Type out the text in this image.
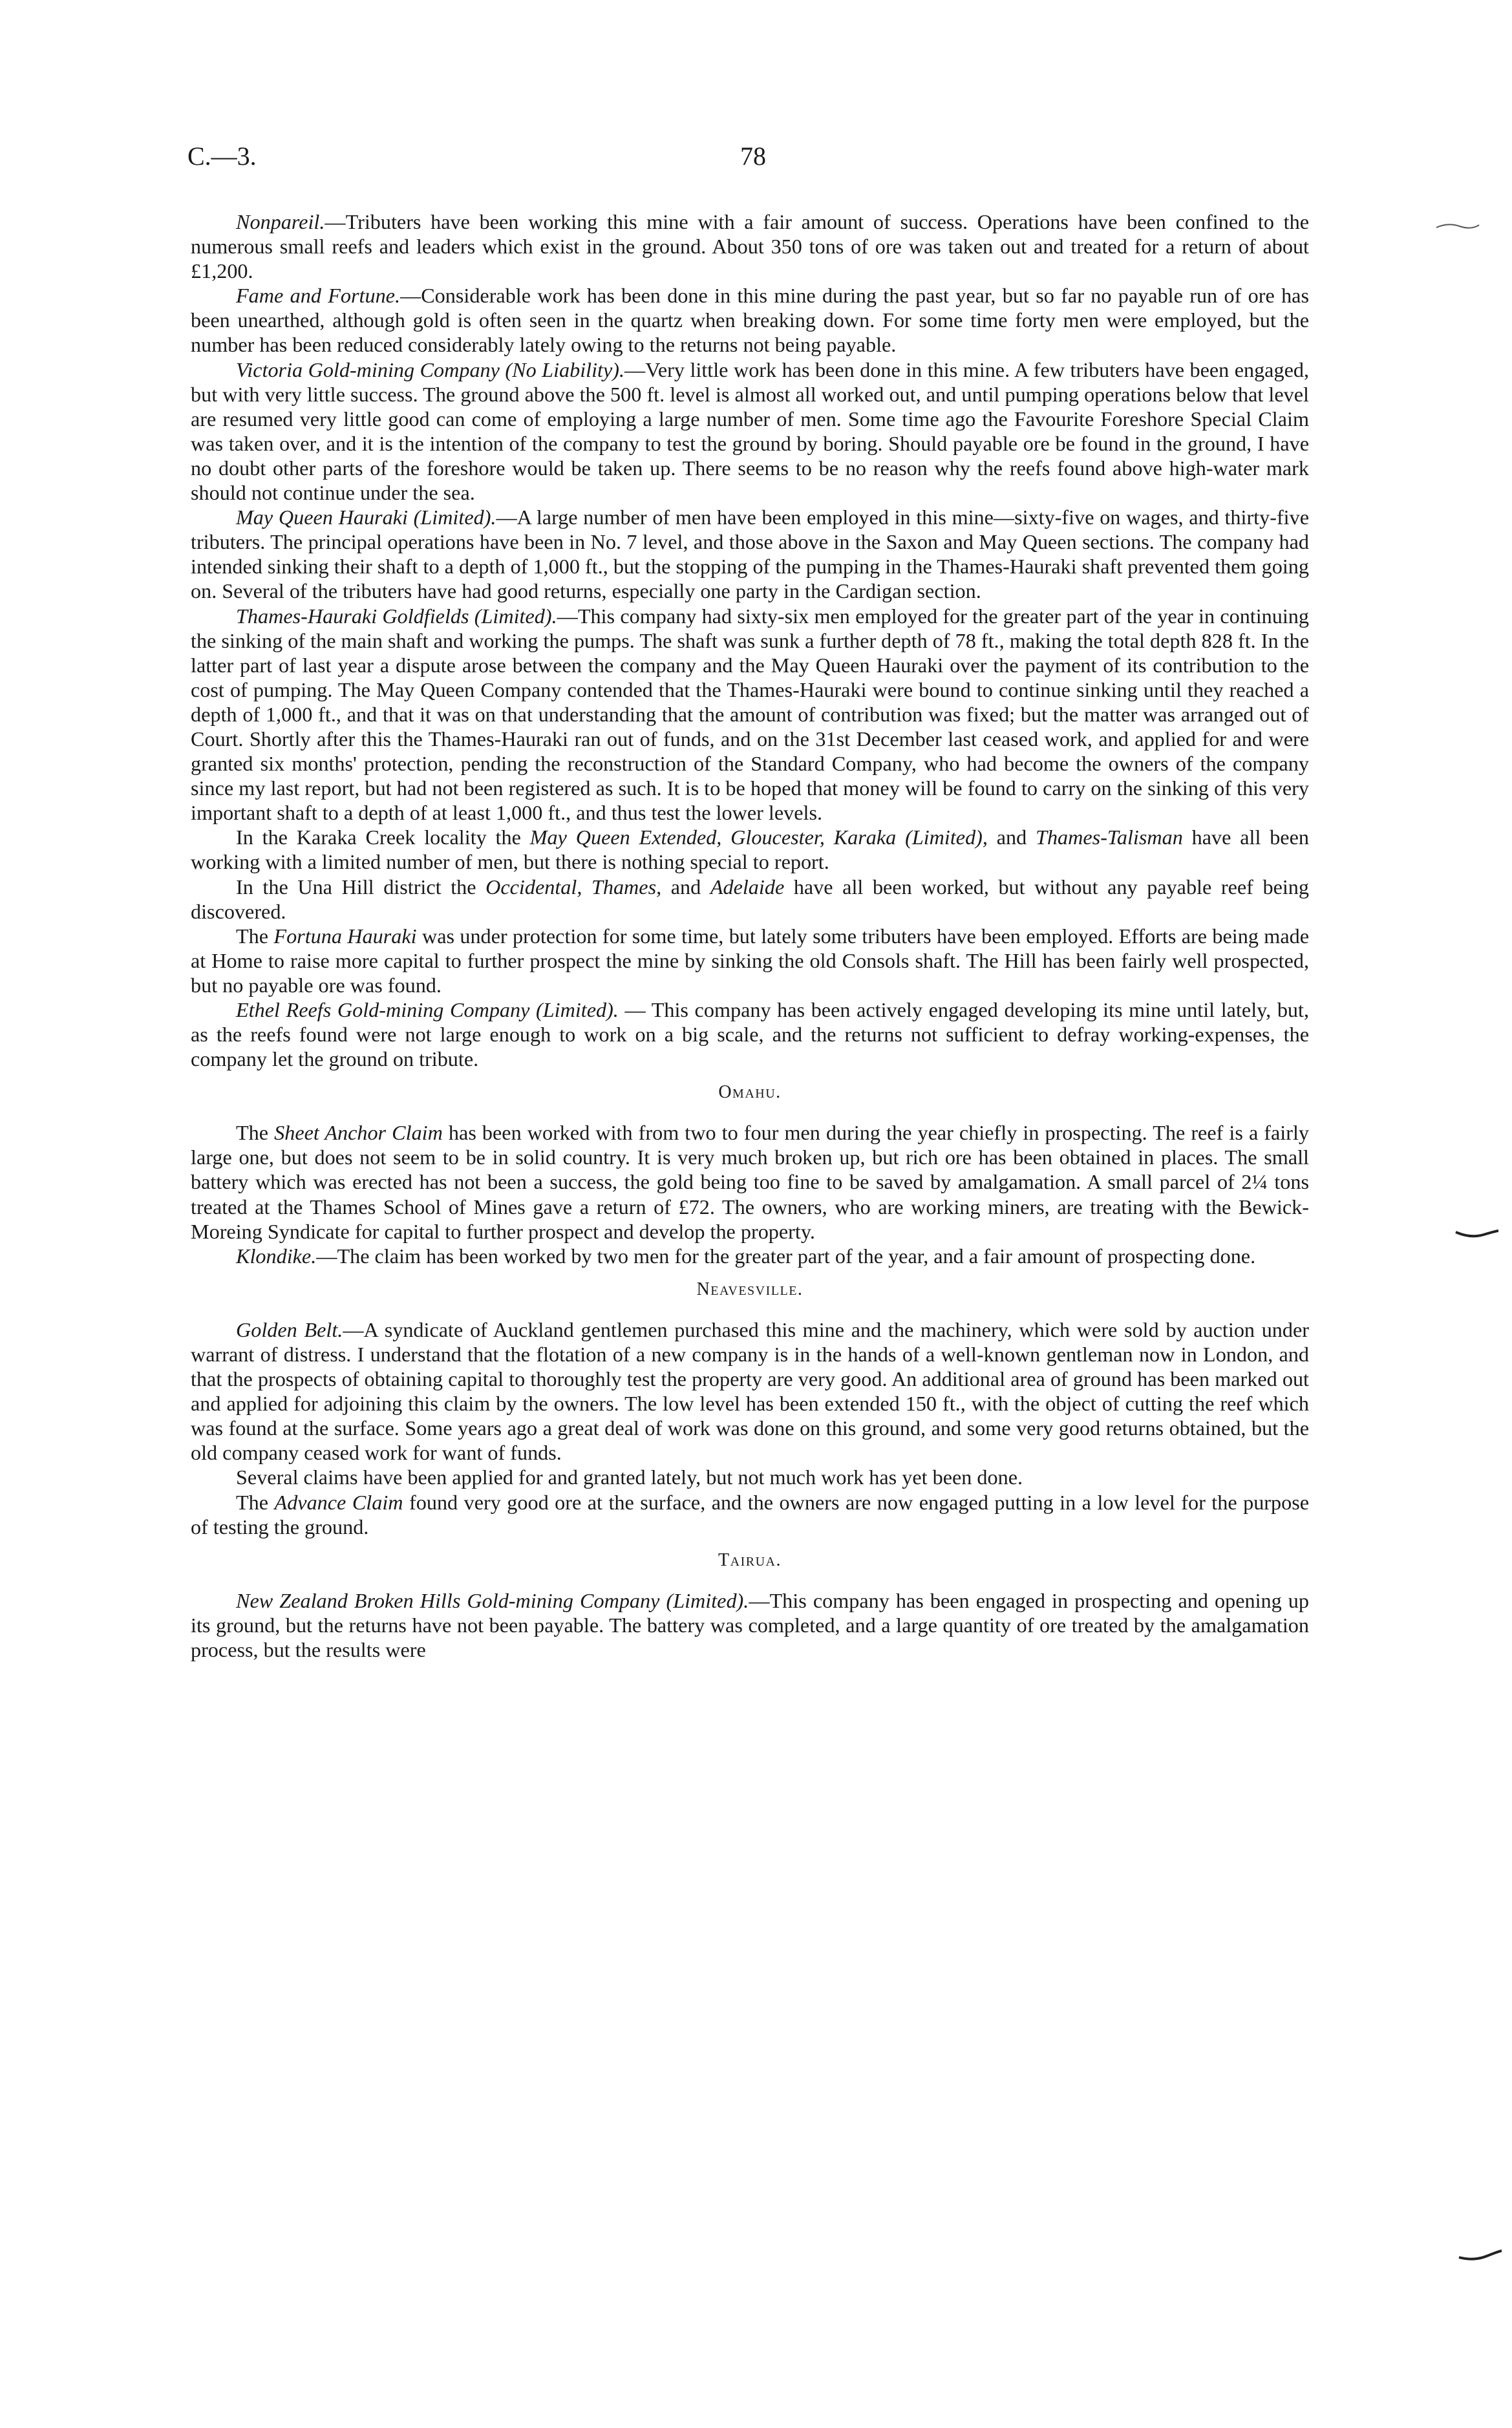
C.—3.	78

Nonpareil.—Tributers have been working this mine with a fair amount of success. Operations have been confined to the numerous small reefs and leaders which exist in the ground. About 350 tons of ore was taken out and treated for a return of about £1,200.

Fame and Fortune.—Considerable work has been done in this mine during the past year, but so far no payable run of ore has been unearthed, although gold is often seen in the quartz when breaking down. For some time forty men were employed, but the number has been reduced considerably lately owing to the returns not being payable.

Victoria Gold-mining Company (No Liability).—Very little work has been done in this mine. A few tributers have been engaged, but with very little success. The ground above the 500 ft. level is almost all worked out, and until pumping operations below that level are resumed very little good can come of employing a large number of men. Some time ago the Favourite Foreshore Special Claim was taken over, and it is the intention of the company to test the ground by boring. Should payable ore be found in the ground, I have no doubt other parts of the foreshore would be taken up. There seems to be no reason why the reefs found above high-water mark should not continue under the sea.

May Queen Hauraki (Limited).—A large number of men have been employed in this mine—sixty-five on wages, and thirty-five tributers. The principal operations have been in No. 7 level, and those above in the Saxon and May Queen sections. The company had intended sinking their shaft to a depth of 1,000 ft., but the stopping of the pumping in the Thames-Hauraki shaft prevented them going on. Several of the tributers have had good returns, especially one party in the Cardigan section.

Thames-Hauraki Goldfields (Limited).—This company had sixty-six men employed for the greater part of the year in continuing the sinking of the main shaft and working the pumps. The shaft was sunk a further depth of 78 ft., making the total depth 828 ft. In the latter part of last year a dispute arose between the company and the May Queen Hauraki over the payment of its contribution to the cost of pumping. The May Queen Company contended that the Thames-Hauraki were bound to continue sinking until they reached a depth of 1,000 ft., and that it was on that understanding that the amount of contribution was fixed; but the matter was arranged out of Court. Shortly after this the Thames-Hauraki ran out of funds, and on the 31st December last ceased work, and applied for and were granted six months' protection, pending the reconstruction of the Standard Company, who had become the owners of the company since my last report, but had not been registered as such. It is to be hoped that money will be found to carry on the sinking of this very important shaft to a depth of at least 1,000 ft., and thus test the lower levels.

In the Karaka Creek locality the May Queen Extended, Gloucester, Karaka (Limited), and Thames-Talisman have all been working with a limited number of men, but there is nothing special to report.

In the Una Hill district the Occidental, Thames, and Adelaide have all been worked, but without any payable reef being discovered.

The Fortuna Hauraki was under protection for some time, but lately some tributers have been employed. Efforts are being made at Home to raise more capital to further prospect the mine by sinking the old Consols shaft. The Hill has been fairly well prospected, but no payable ore was found.

Ethel Reefs Gold-mining Company (Limited). — This company has been actively engaged developing its mine until lately, but, as the reefs found were not large enough to work on a big scale, and the returns not sufficient to defray working-expenses, the company let the ground on tribute.

Omahu.

The Sheet Anchor Claim has been worked with from two to four men during the year chiefly in prospecting. The reef is a fairly large one, but does not seem to be in solid country. It is very much broken up, but rich ore has been obtained in places. The small battery which was erected has not been a success, the gold being too fine to be saved by amalgamation. A small parcel of 2¼ tons treated at the Thames School of Mines gave a return of £72. The owners, who are working miners, are treating with the Bewick-Moreing Syndicate for capital to further prospect and develop the property.

Klondike.—The claim has been worked by two men for the greater part of the year, and a fair amount of prospecting done.

Neavesville.

Golden Belt.—A syndicate of Auckland gentlemen purchased this mine and the machinery, which were sold by auction under warrant of distress. I understand that the flotation of a new company is in the hands of a well-known gentleman now in London, and that the prospects of obtaining capital to thoroughly test the property are very good. An additional area of ground has been marked out and applied for adjoining this claim by the owners. The low level has been extended 150 ft., with the object of cutting the reef which was found at the surface. Some years ago a great deal of work was done on this ground, and some very good returns obtained, but the old company ceased work for want of funds.

Several claims have been applied for and granted lately, but not much work has yet been done.

The Advance Claim found very good ore at the surface, and the owners are now engaged putting in a low level for the purpose of testing the ground.

Tairua.

New Zealand Broken Hills Gold-mining Company (Limited).—This company has been engaged in prospecting and opening up its ground, but the returns have not been payable. The battery was completed, and a large quantity of ore treated by the amalgamation process, but the results were
